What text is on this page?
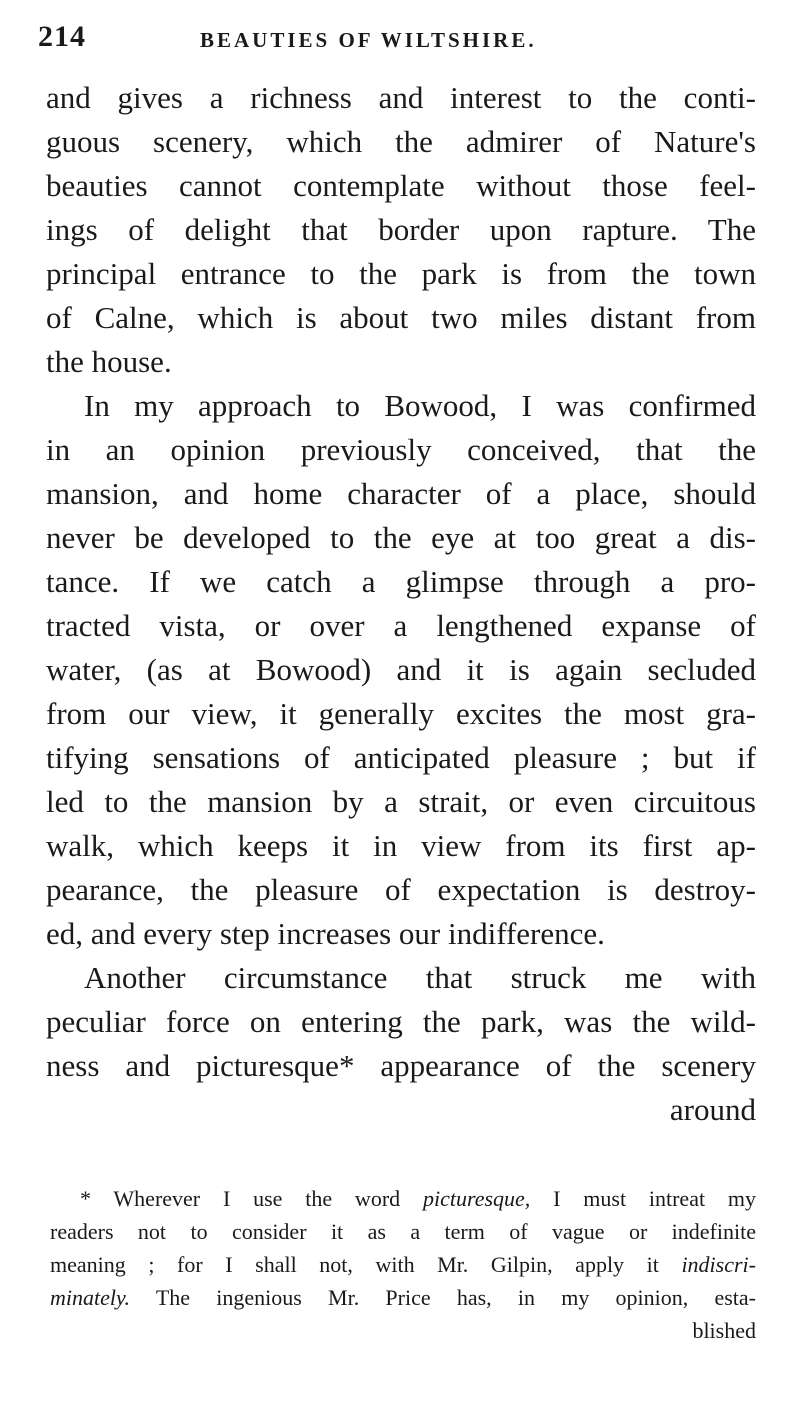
214	BEAUTIES OF WILTSHIRE.
and gives a richness and interest to the conti-
guous scenery, which the admirer of Nature's
beauties cannot contemplate without those feel-
ings of delight that border upon rapture. The
principal entrance to the park is from the town
of Calne, which is about two miles distant from
the house.
In my approach to Bowood, I was confirmed
in an opinion previously conceived, that the
mansion, and home character of a place, should
never be developed to the eye at too great a dis-
tance. If we catch a glimpse through a pro-
tracted vista, or over a lengthened expanse of
water, (as at Bowood) and it is again secluded
from our view, it generally excites the most gra-
tifying sensations of anticipated pleasure ; but if
led to the mansion by a strait, or even circuitous
walk, which keeps it in view from its first ap-
pearance, the pleasure of expectation is destroy-
ed, and every step increases our indifference.
Another circumstance that struck me with
peculiar force on entering the park, was the wild-
ness and picturesque* appearance of the scenery
around
* Wherever I use the word picturesque, I must intreat my
readers not to consider it as a term of vague or indefinite
meaning ; for I shall not, with Mr. Gilpin, apply it indiscri-
minately. The ingenious Mr. Price has, in my opinion, esta-
blished
